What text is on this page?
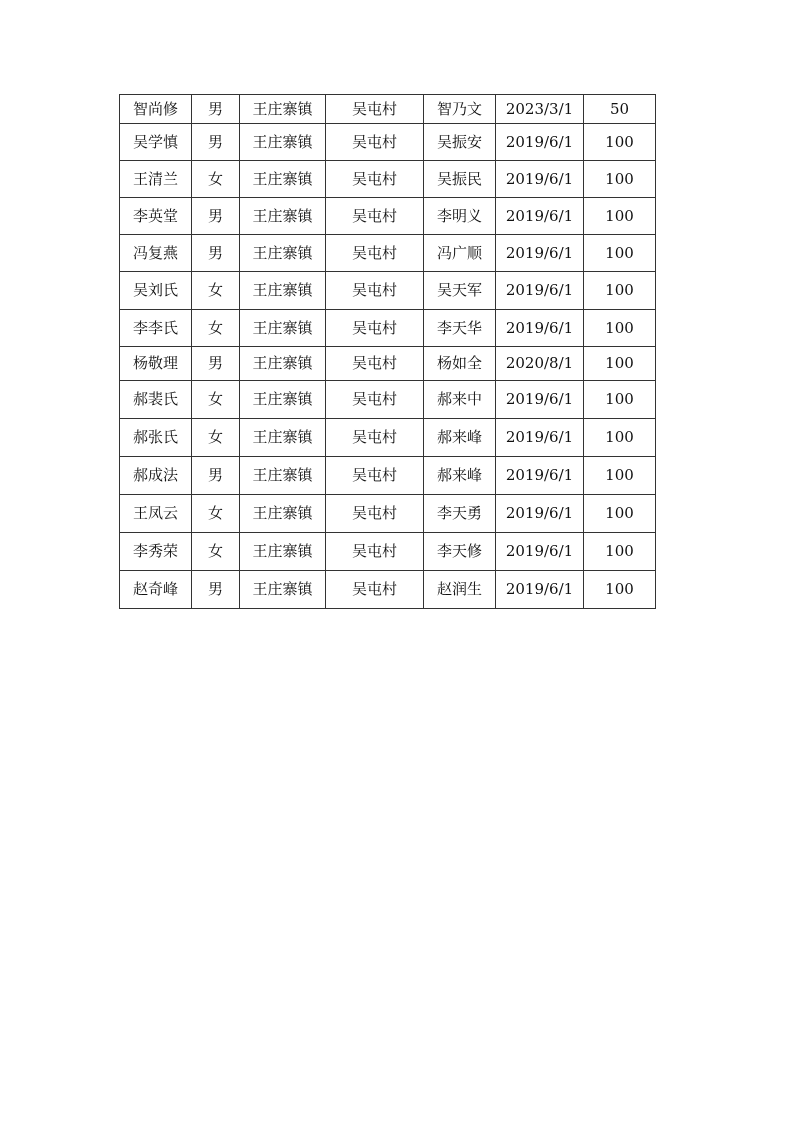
智尚修	男	王庄寨镇	吴屯村	智乃文	2023/3/1	50
吴学慎	男	王庄寨镇	吴屯村	吴振安	2019/6/1	100
王清兰	女	王庄寨镇	吴屯村	吴振民	2019/6/1	100
李英堂	男	王庄寨镇	吴屯村	李明义	2019/6/1	100
冯复燕	男	王庄寨镇	吴屯村	冯广顺	2019/6/1	100
吴刘氏	女	王庄寨镇	吴屯村	吴天军	2019/6/1	100
李李氏	女	王庄寨镇	吴屯村	李天华	2019/6/1	100
杨敬理	男	王庄寨镇	吴屯村	杨如全	2020/8/1	100
郝裴氏	女	王庄寨镇	吴屯村	郝来中	2019/6/1	100
郝张氏	女	王庄寨镇	吴屯村	郝来峰	2019/6/1	100
郝成法	男	王庄寨镇	吴屯村	郝来峰	2019/6/1	100
王凤云	女	王庄寨镇	吴屯村	李天勇	2019/6/1	100
李秀荣	女	王庄寨镇	吴屯村	李天修	2019/6/1	100
赵奇峰	男	王庄寨镇	吴屯村	赵润生	2019/6/1	100
